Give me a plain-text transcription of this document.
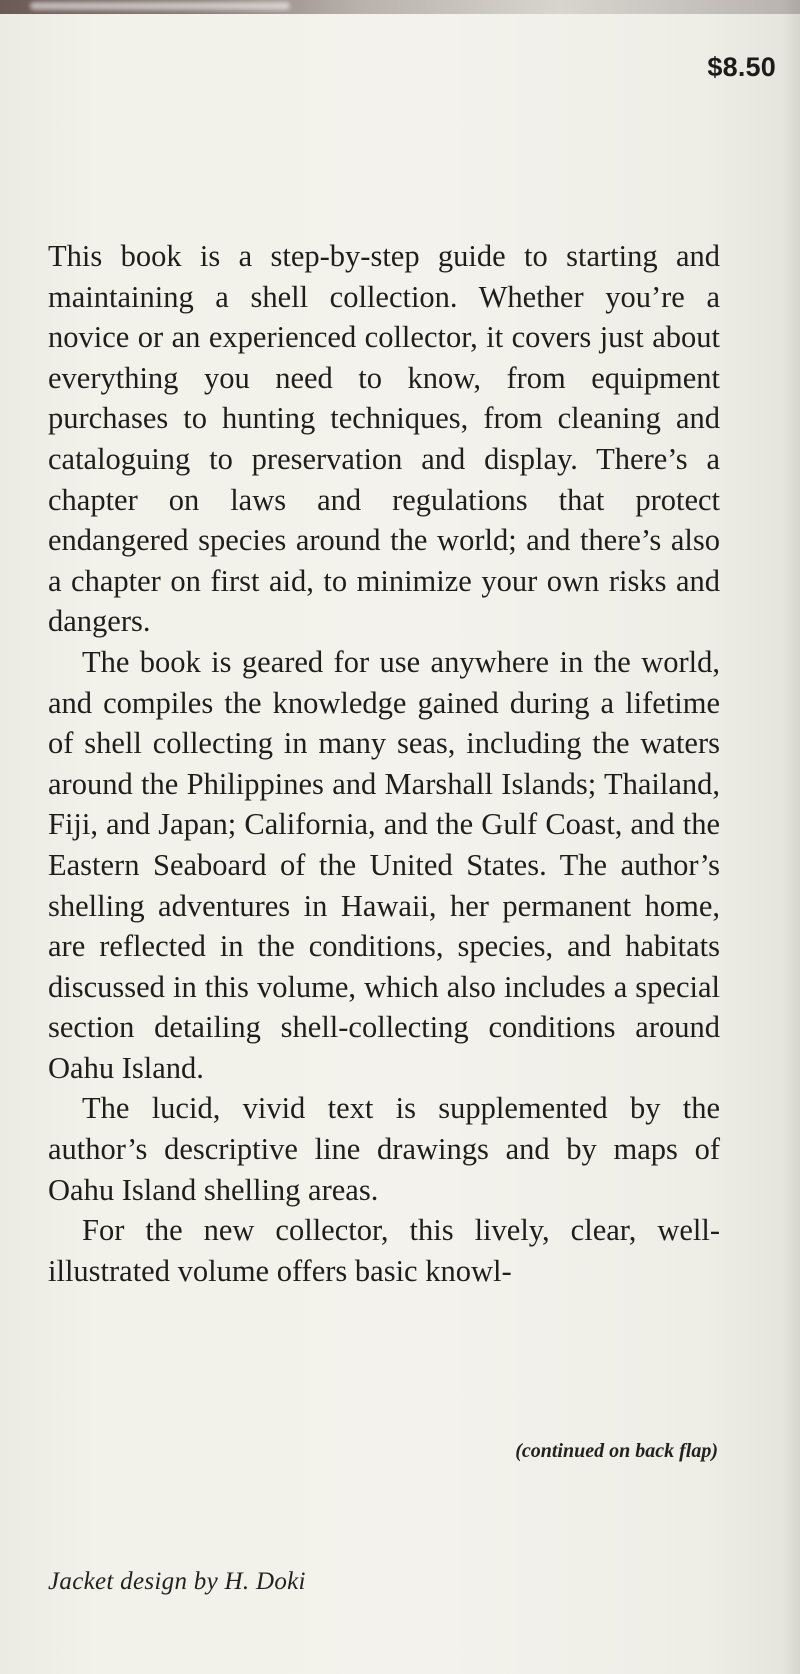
$8.50

This book is a step-by-step guide to starting and maintaining a shell collection. Whether you’re a novice or an experienced collector, it covers just about everything you need to know, from equipment purchases to hunting techniques, from cleaning and cataloguing to preservation and display. There’s a chapter on laws and regulations that protect endangered species around the world; and there’s also a chapter on first aid, to minimize your own risks and dangers.

The book is geared for use anywhere in the world, and compiles the knowledge gained during a lifetime of shell collecting in many seas, including the waters around the Philippines and Marshall Islands; Thailand, Fiji, and Japan; California, and the Gulf Coast, and the Eastern Seaboard of the United States. The author’s shelling adventures in Hawaii, her permanent home, are reflected in the conditions, species, and habitats discussed in this volume, which also includes a special section detailing shell-collecting conditions around Oahu Island.

The lucid, vivid text is supplemented by the author’s descriptive line drawings and by maps of Oahu Island shelling areas.

For the new collector, this lively, clear, well-illustrated volume offers basic knowl-

(continued on back flap)
Jacket design by H. Doki
